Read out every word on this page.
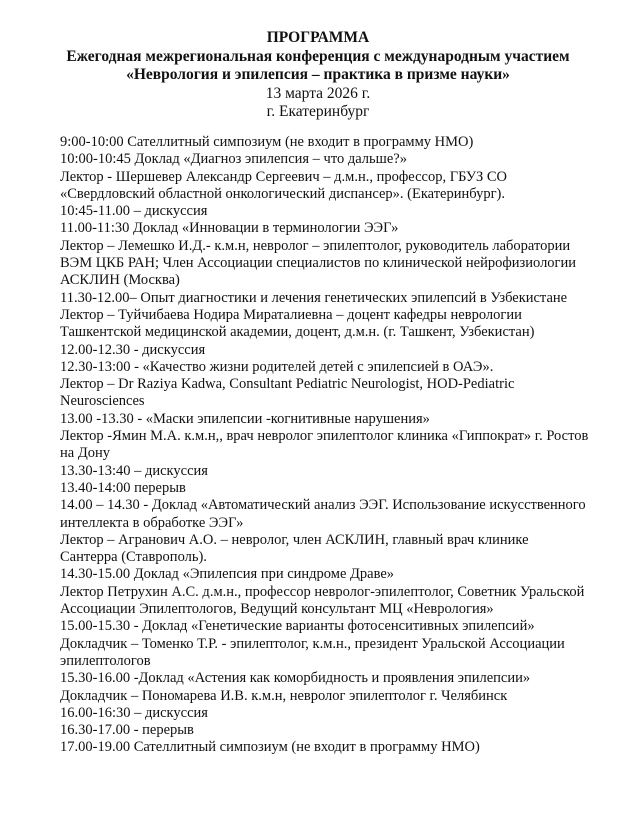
ПРОГРАММА
Ежегодная межрегиональная конференция с международным участием
«Неврология и эпилепсия – практика в призме науки»
13 марта 2026 г.
г. Екатеринбург
9:00-10:00 Сателлитный симпозиум (не входит в программу НМО)
10:00-10:45 Доклад «Диагноз эпилепсия – что дальше?»
Лектор - Шершевер Александр Сергеевич – д.м.н., профессор, ГБУЗ СО
«Свердловский областной онкологический диспансер». (Екатеринбург).
10:45-11.00 – дискуссия
11.00-11:30 Доклад «Инновации в терминологии ЭЭГ»
Лектор – Лемешко И.Д.- к.м.н, невролог – эпилептолог, руководитель лаборатории
ВЭМ ЦКБ РАН; Член Ассоциации специалистов по клинической нейрофизиологии
АСКЛИН (Москва)
11.30-12.00– Опыт диагностики и лечения генетических эпилепсий в Узбекистане
Лектор – Туйчибаева Нодира Мираталиевна – доцент кафедры неврологии
Ташкентской медицинской академии, доцент, д.м.н. (г. Ташкент, Узбекистан)
12.00-12.30 - дискуссия
12.30-13:00 - «Качество жизни родителей детей с эпилепсией в ОАЭ».
Лектор – Dr Raziya Kadwa, Consultant Pediatric Neurologist, HOD-Pediatric
Neurosciences
13.00 -13.30 - «Маски эпилепсии -когнитивные нарушения»
Лектор -Ямин М.А. к.м.н,, врач невролог эпилептолог клиника «Гиппократ» г. Ростов
на Дону
13.30-13:40 – дискуссия
13.40-14:00 перерыв
14.00 – 14.30 - Доклад «Автоматический анализ ЭЭГ. Использование искусственного
интеллекта в обработке ЭЭГ»
Лектор – Агранович А.О. – невролог, член АСКЛИН, главный врач клинике
Сантерра (Ставрополь).
14.30-15.00 Доклад «Эпилепсия при синдроме Драве»
Лектор Петрухин А.С. д.м.н., профессор невролог-эпилептолог, Советник Уральской
Ассоциации Эпилептологов, Ведущий консультант МЦ «Неврология»
15.00-15.30 - Доклад «Генетические варианты фотосенситивных эпилепсий»
Докладчик – Томенко Т.Р. - эпилептолог, к.м.н., президент Уральской Ассоциации
эпилептологов
15.30-16.00 -Доклад «Астения как коморбидность и проявления эпилепсии»
Докладчик – Пономарева И.В. к.м.н, невролог эпилептолог г. Челябинск
16.00-16:30 – дискуссия
16.30-17.00 - перерыв
17.00-19.00 Сателлитный симпозиум (не входит в программу НМО)
